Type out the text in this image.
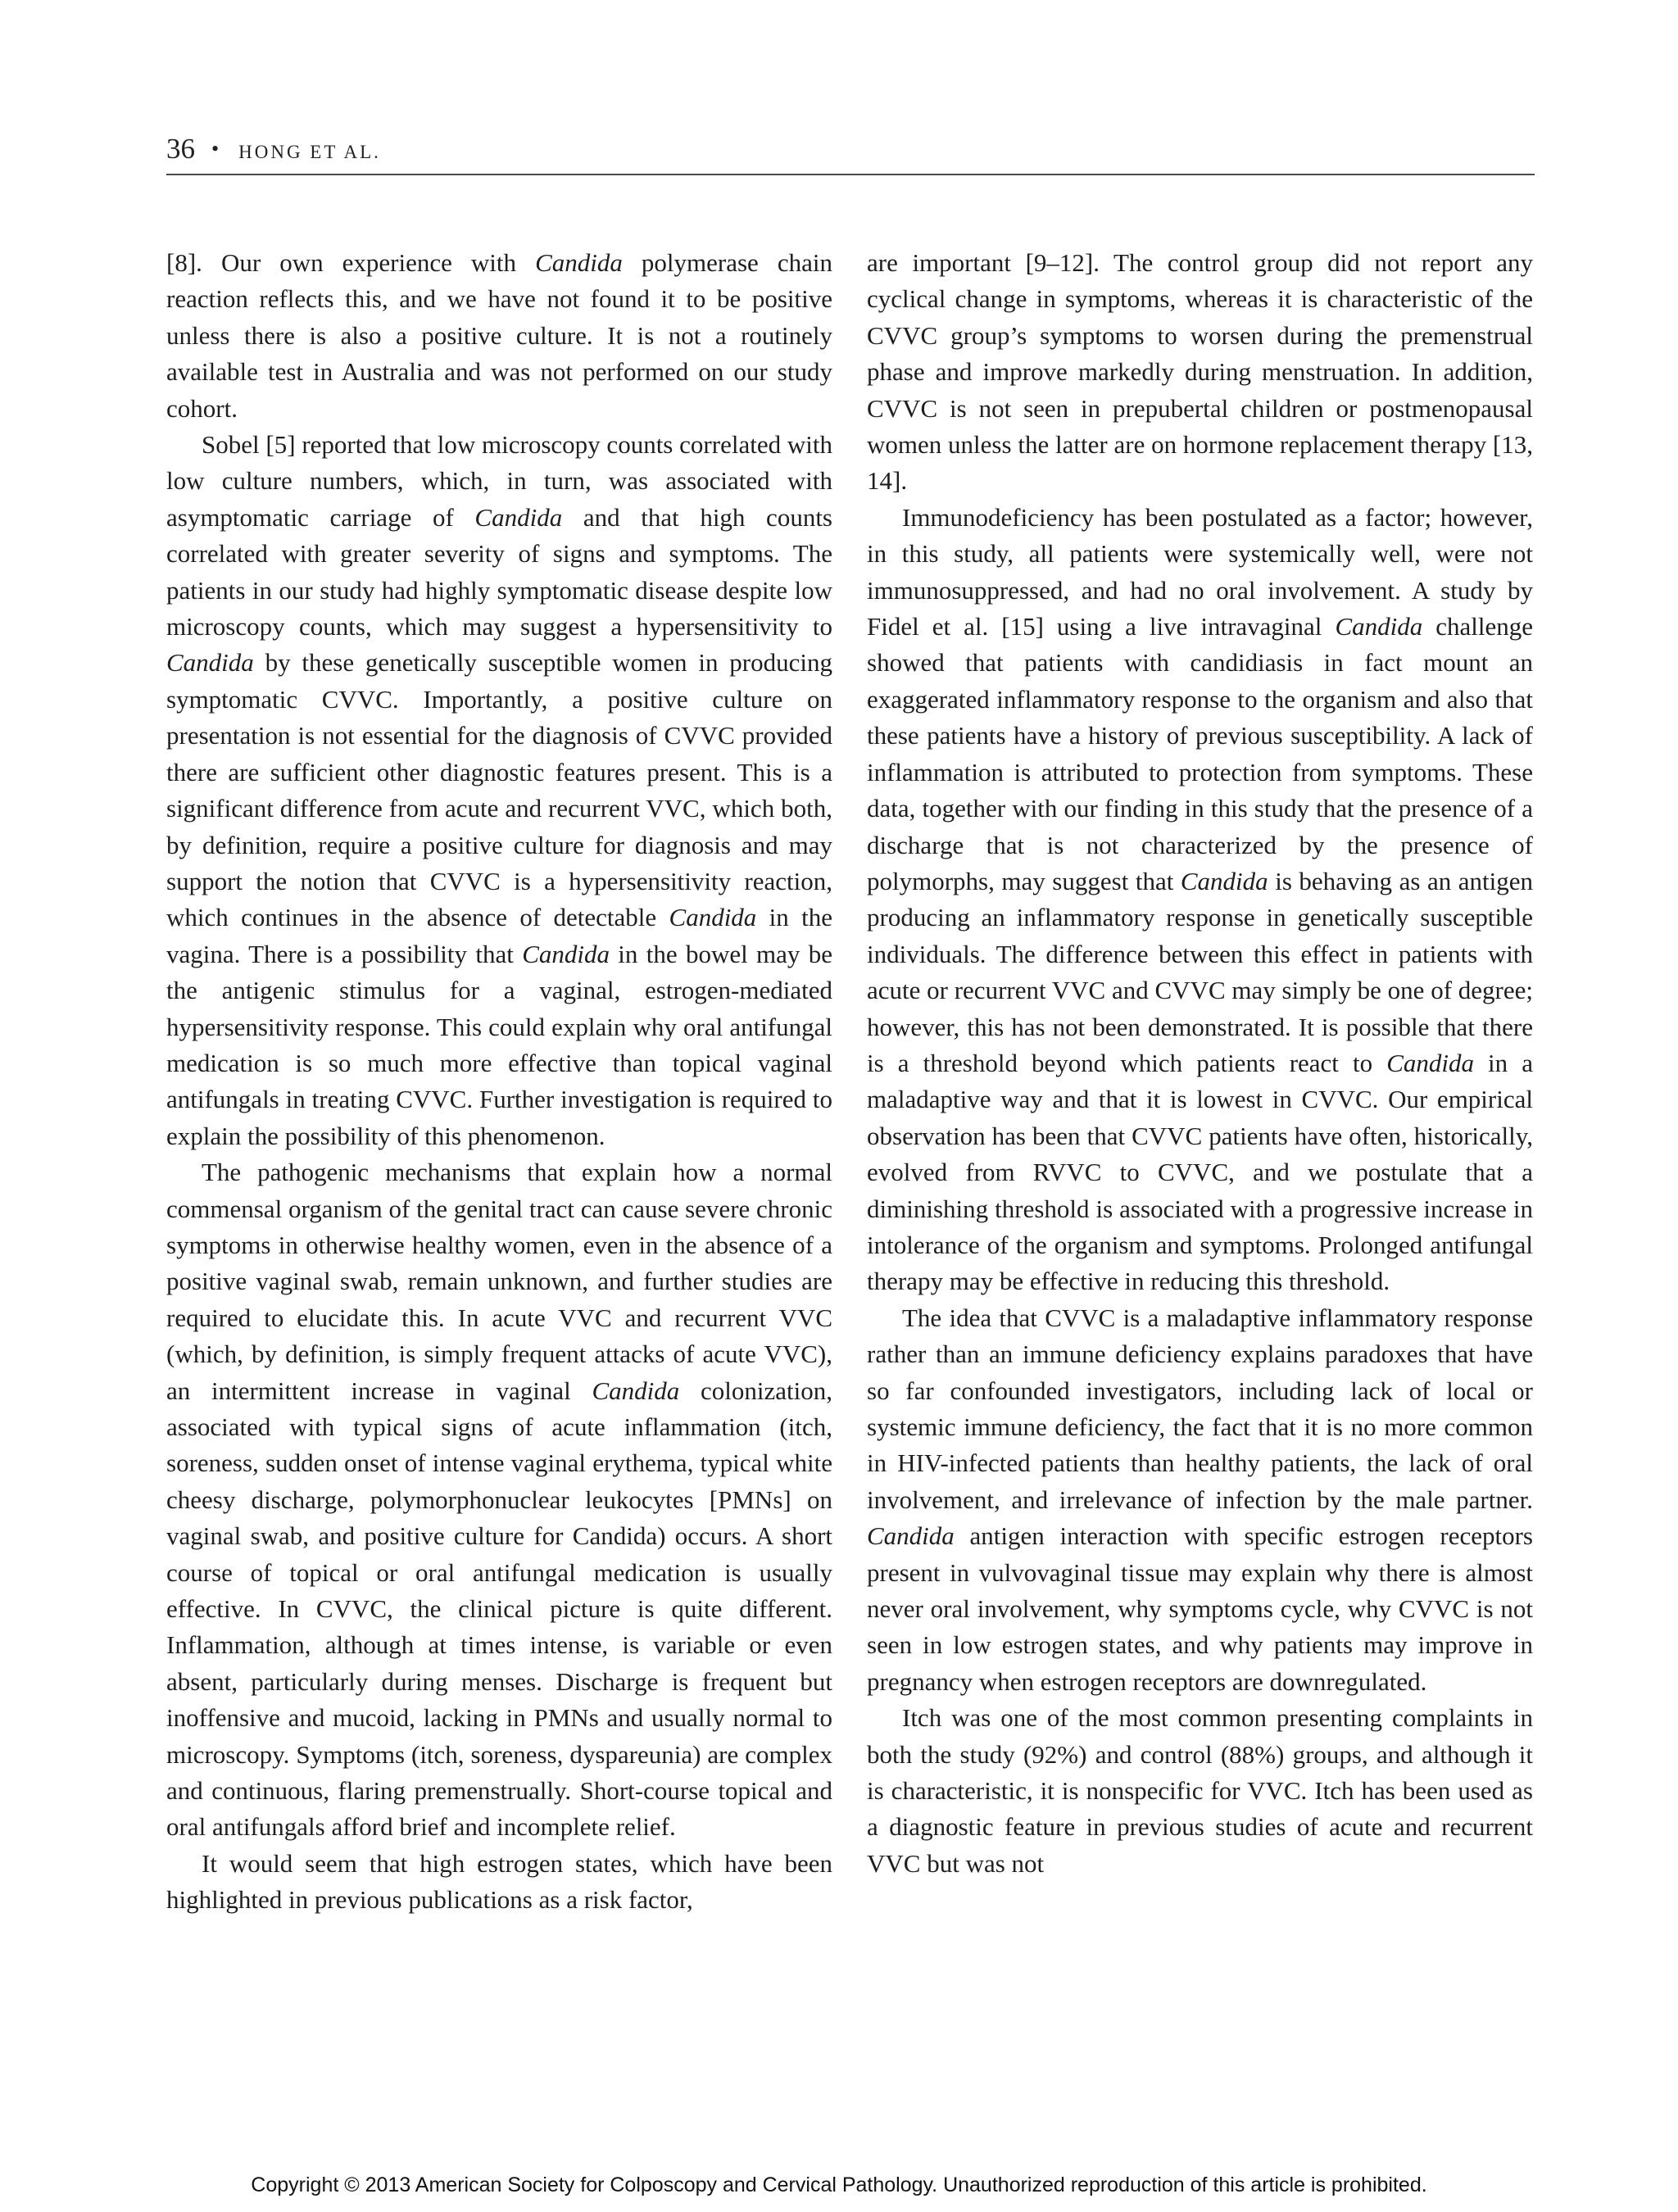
36 • HONG ET AL.

[8]. Our own experience with Candida polymerase chain reaction reflects this, and we have not found it to be positive unless there is also a positive culture. It is not a routinely available test in Australia and was not performed on our study cohort.

Sobel [5] reported that low microscopy counts correlated with low culture numbers, which, in turn, was associated with asymptomatic carriage of Candida and that high counts correlated with greater severity of signs and symptoms. The patients in our study had highly symptomatic disease despite low microscopy counts, which may suggest a hypersensitivity to Candida by these genetically susceptible women in producing symptomatic CVVC. Importantly, a positive culture on presentation is not essential for the diagnosis of CVVC provided there are sufficient other diagnostic features present. This is a significant difference from acute and recurrent VVC, which both, by definition, require a positive culture for diagnosis and may support the notion that CVVC is a hypersensitivity reaction, which continues in the absence of detectable Candida in the vagina. There is a possibility that Candida in the bowel may be the antigenic stimulus for a vaginal, estrogen-mediated hypersensitivity response. This could explain why oral antifungal medication is so much more effective than topical vaginal antifungals in treating CVVC. Further investigation is required to explain the possibility of this phenomenon.

The pathogenic mechanisms that explain how a normal commensal organism of the genital tract can cause severe chronic symptoms in otherwise healthy women, even in the absence of a positive vaginal swab, remain unknown, and further studies are required to elucidate this. In acute VVC and recurrent VVC (which, by definition, is simply frequent attacks of acute VVC), an intermittent increase in vaginal Candida colonization, associated with typical signs of acute inflammation (itch, soreness, sudden onset of intense vaginal erythema, typical white cheesy discharge, polymorphonuclear leukocytes [PMNs] on vaginal swab, and positive culture for Candida) occurs. A short course of topical or oral antifungal medication is usually effective. In CVVC, the clinical picture is quite different. Inflammation, although at times intense, is variable or even absent, particularly during menses. Discharge is frequent but inoffensive and mucoid, lacking in PMNs and usually normal to microscopy. Symptoms (itch, soreness, dyspareunia) are complex and continuous, flaring premenstrually. Short-course topical and oral antifungals afford brief and incomplete relief.

It would seem that high estrogen states, which have been highlighted in previous publications as a risk factor,

are important [9–12]. The control group did not report any cyclical change in symptoms, whereas it is characteristic of the CVVC group’s symptoms to worsen during the premenstrual phase and improve markedly during menstruation. In addition, CVVC is not seen in prepubertal children or postmenopausal women unless the latter are on hormone replacement therapy [13, 14].

Immunodeficiency has been postulated as a factor; however, in this study, all patients were systemically well, were not immunosuppressed, and had no oral involvement. A study by Fidel et al. [15] using a live intravaginal Candida challenge showed that patients with candidiasis in fact mount an exaggerated inflammatory response to the organism and also that these patients have a history of previous susceptibility. A lack of inflammation is attributed to protection from symptoms. These data, together with our finding in this study that the presence of a discharge that is not characterized by the presence of polymorphs, may suggest that Candida is behaving as an antigen producing an inflammatory response in genetically susceptible individuals. The difference between this effect in patients with acute or recurrent VVC and CVVC may simply be one of degree; however, this has not been demonstrated. It is possible that there is a threshold beyond which patients react to Candida in a maladaptive way and that it is lowest in CVVC. Our empirical observation has been that CVVC patients have often, historically, evolved from RVVC to CVVC, and we postulate that a diminishing threshold is associated with a progressive increase in intolerance of the organism and symptoms. Prolonged antifungal therapy may be effective in reducing this threshold.

The idea that CVVC is a maladaptive inflammatory response rather than an immune deficiency explains paradoxes that have so far confounded investigators, including lack of local or systemic immune deficiency, the fact that it is no more common in HIV-infected patients than healthy patients, the lack of oral involvement, and irrelevance of infection by the male partner. Candida antigen interaction with specific estrogen receptors present in vulvovaginal tissue may explain why there is almost never oral involvement, why symptoms cycle, why CVVC is not seen in low estrogen states, and why patients may improve in pregnancy when estrogen receptors are downregulated.

Itch was one of the most common presenting complaints in both the study (92%) and control (88%) groups, and although it is characteristic, it is nonspecific for VVC. Itch has been used as a diagnostic feature in previous studies of acute and recurrent VVC but was not

Copyright © 2013 American Society for Colposcopy and Cervical Pathology. Unauthorized reproduction of this article is prohibited.
